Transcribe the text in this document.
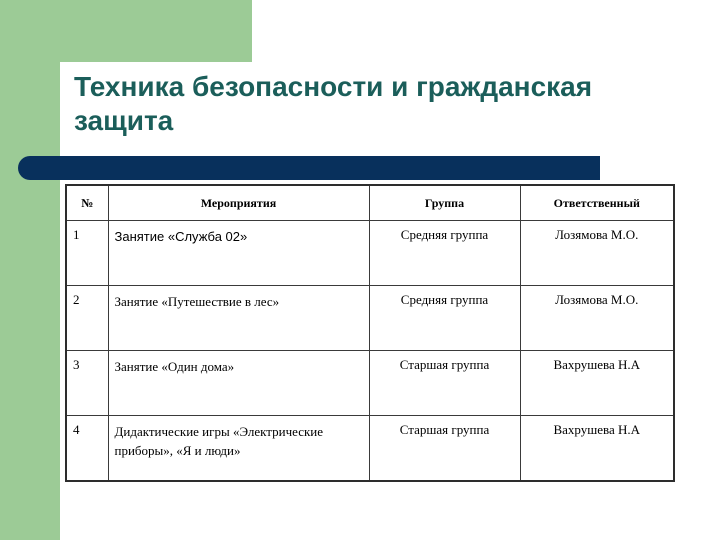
Техника безопасности и гражданская защита
№	Мероприятия	Группа	Ответственный
1	Занятие «Служба 02»	Средняя группа	Лозямова М.О.
2	Занятие «Путешествие в лес»	Средняя группа	Лозямова М.О.
3	Занятие «Один дома»	Старшая группа	Вахрушева Н.А
4	Дидактические игры «Электрические приборы», «Я и люди»	Старшая группа	Вахрушева Н.А
